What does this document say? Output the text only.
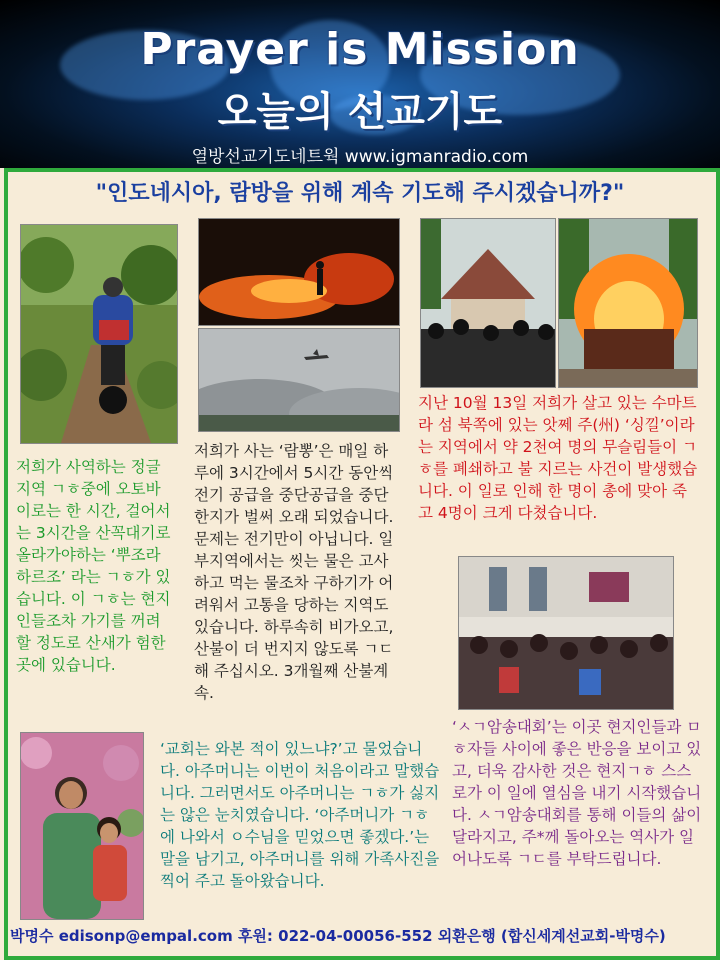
Prayer is Mission
오늘의 선교기도
열방선교기도네트웍 www.igmanradio.com
"인도네시아, 람방을 위해 계속 기도해 주시겠습니까?"

저희가 사역하는 정글지역 ㄱㅎ중에 오토바이로는 한 시간, 걸어서는 3시간을 산꼭대기로 올라가야하는 ‘뿌조라하르조’ 라는 ㄱㅎ가 있습니다. 이 ㄱㅎ는 현지인들조차 가기를 꺼려할 정도로 산새가 험한 곳에 있습니다.

저희가 사는 ‘람뽕’은 매일 하루에 3시간에서 5시간 동안씩 전기 공급을 중단공급을 중단한지가 벌써 오래 되었습니다. 문제는 전기만이 아닙니다. 일부지역에서는 씻는 물은 고사하고 먹는 물조차 구하기가 어려워서 고통을 당하는 지역도 있습니다. 하루속히 비가오고, 산불이 더 번지지 않도록 ㄱㄷ해 주십시오. 3개월째 산불계속.

지난 10월 13일 저희가 살고 있는 수마트라 섬 북쪽에 있는 앗쩨 주(州) ‘싱낄’이라는 지역에서 약 2천여 명의 무슬림들이 ㄱㅎ를 폐쇄하고 불 지르는 사건이 발생했습니다. 이 일로 인해 한 명이 총에 맞아 죽고 4명이 크게 다쳤습니다.

‘ㅅㄱ암송대회’는 이곳 현지인들과 ㅁㅎ자들 사이에 좋은 반응을 보이고 있고, 더욱 감사한 것은 현지ㄱㅎ 스스로가 이 일에 열심을 내기 시작했습니다. ㅅㄱ암송대회를 통해 이들의 삶이 달라지고, 주*께 돌아오는 역사가 일어나도록 ㄱㄷ를 부탁드립니다.

‘교회는 와본 적이 있느냐?’고 물었습니다. 아주머니는 이번이 처음이라고 말했습니다. 그러면서도 아주머니는 ㄱㅎ가 싫지는 않은 눈치였습니다. ‘아주머니가 ㄱㅎ에 나와서 ㅇ수님을 믿었으면 좋겠다.’는 말을 남기고, 아주머니를 위해 가족사진을 찍어 주고 돌아왔습니다.

박명수 edisonp@empal.com 후원: 022-04-00056-552 외환은행 (합신세계선교회-박명수)
